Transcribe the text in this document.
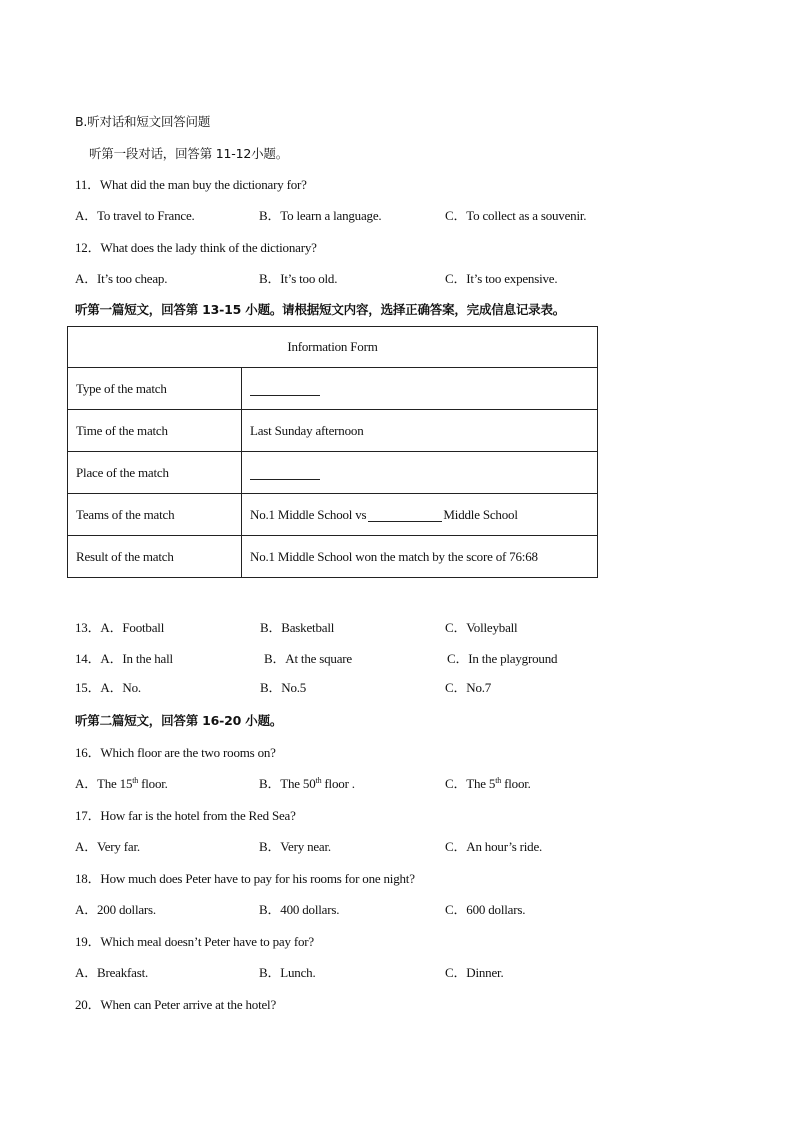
B.听对话和短文回答问题
听第一段对话，回答第 11-12小题。
11．What did the man buy the dictionary for?
A．To travel to France.	B．To learn a language.	C．To collect as a souvenir.
12．What does the lady think of the dictionary?
A．It’s too cheap.	B．It’s too old.	C．It’s too expensive.
听第一篇短文，回答第 13-15 小题。请根据短文内容，选择正确答案，完成信息记录表。
Information Form	
Type of the match	
Time of the match	Last Sunday afternoon
Place of the match	
Teams of the match	No.1 Middle School vs Middle School
Result of the match	No.1 Middle School won the match by the score of 76:68
13．A．Football	B．Basketball	C．Volleyball
14．A．In the hall	B．At the square	C．In the playground
15．A．No.	B．No.5	C．No.7
听第二篇短文，回答第 16-20 小题。
16．Which floor are the two rooms on?
A．The 15th floor.	B．The 50th floor .	C．The 5th floor.
17．How far is the hotel from the Red Sea?
A．Very far.	B．Very near.	C．An hour’s ride.
18．How much does Peter have to pay for his rooms for one night?
A．200 dollars.	B．400 dollars.	C．600 dollars.
19．Which meal doesn’t Peter have to pay for?
A．Breakfast.	B．Lunch.	C．Dinner.
20．When can Peter arrive at the hotel?
